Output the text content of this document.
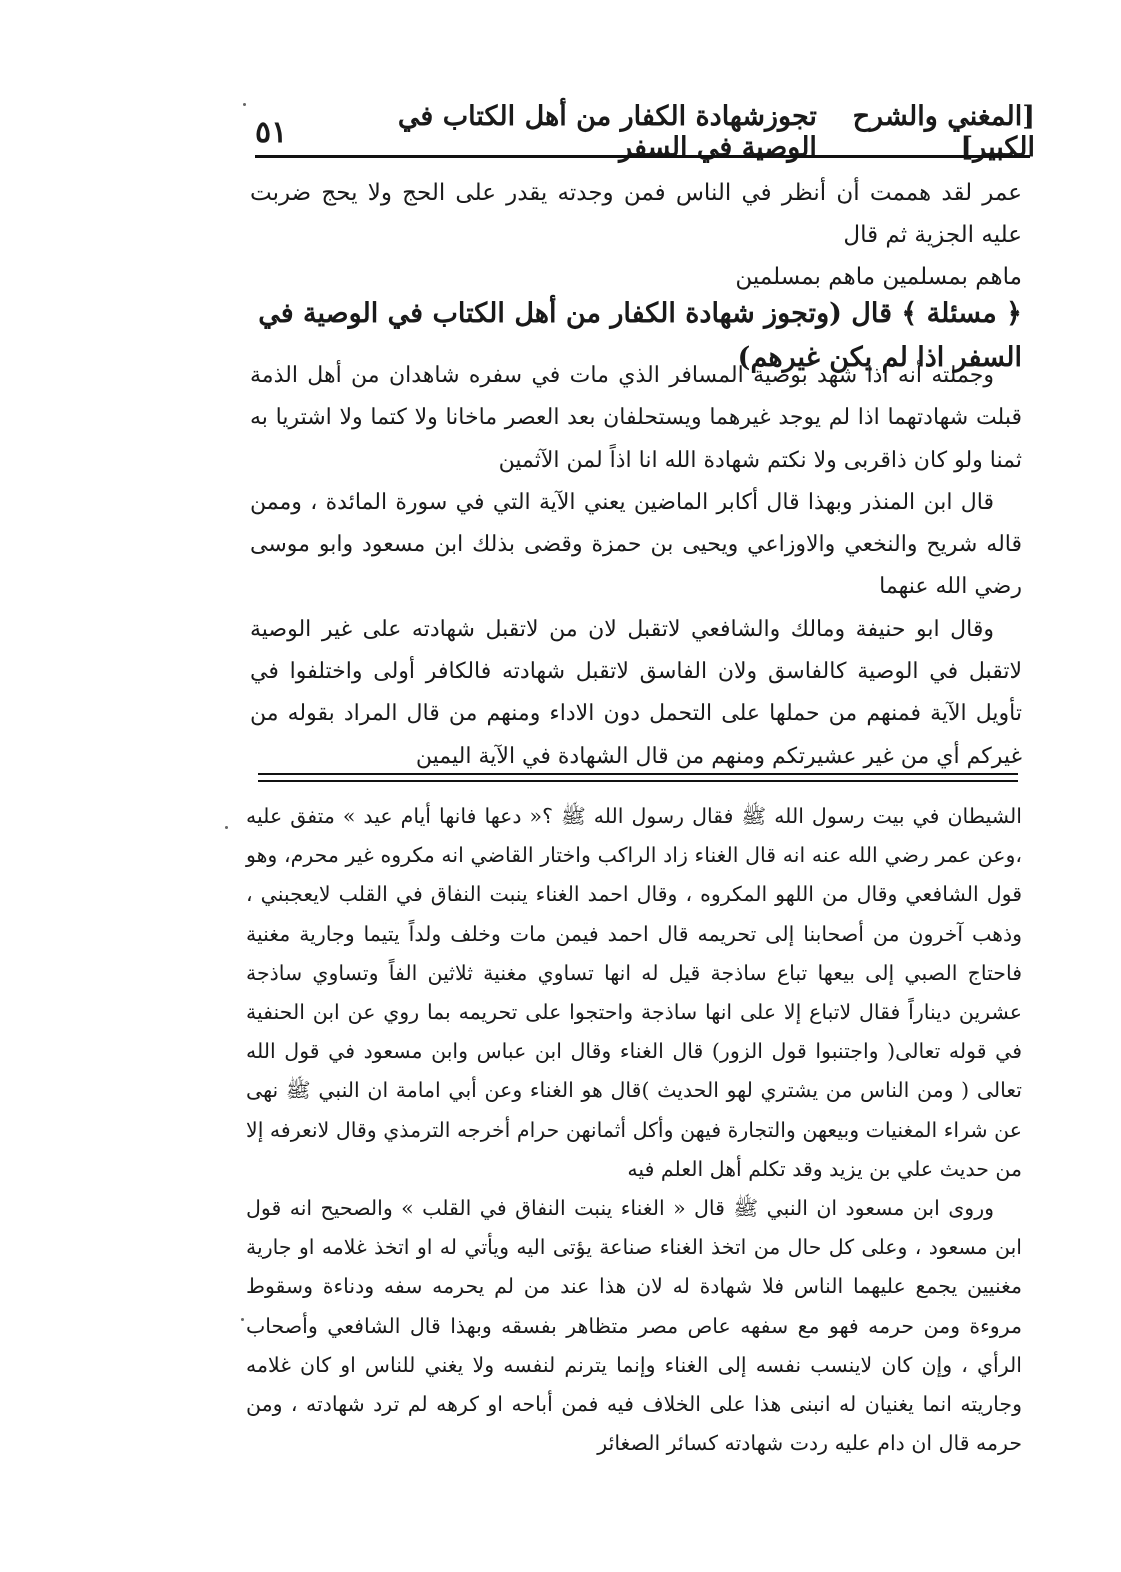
[المغني والشرح الكبير]
تجوزشهادة الكفار من أهل الكتاب في الوصية في السفر
٥١

عمر لقد هممت أن أنظر في الناس فمن وجدته يقدر على الحج ولا يحج ضربت عليه الجزية ثم قال

ماهم بمسلمين ماهم بمسلمين

﴿ مسئلة ﴾ قال (وتجوز شهادة الكفار من أهل الكتاب في الوصية في السفر اذا لم يكن غيرهم)

وجملته أنه اذا شهد بوصية المسافر الذي مات في سفره شاهدان من أهل الذمة قبلت شهادتهما اذا لم يوجد غيرهما ويستحلفان بعد العصر ماخانا ولا كتما ولا اشتريا به ثمنا ولو كان ذاقربى ولا نكتم شهادة الله انا اذاً لمن الآثمين

قال ابن المنذر وبهذا قال أكابر الماضين يعني الآية التي في سورة المائدة ، وممن قاله شريح والنخعي والاوزاعي ويحيى بن حمزة وقضى بذلك ابن مسعود وابو موسى رضي الله عنهما

وقال ابو حنيفة ومالك والشافعي لاتقبل لان من لاتقبل شهادته على غير الوصية لاتقبل في الوصية كالفاسق ولان الفاسق لاتقبل شهادته فالكافر أولى واختلفوا في تأويل الآية فمنهم من حملها على التحمل دون الاداء ومنهم من قال المراد بقوله من غيركم أي من غير عشيرتكم ومنهم من قال الشهادة في الآية اليمين

الشيطان في بيت رسول الله ﷺ فقال رسول الله ﷺ ؟« دعها فانها أيام عيد » متفق عليه ،وعن عمر رضي الله عنه انه قال الغناء زاد الراكب واختار القاضي انه مكروه غير محرم، وهو قول الشافعي وقال من اللهو المكروه ، وقال احمد الغناء ينبت النفاق في القلب لايعجبني ، وذهب آخرون من أصحابنا إلى تحريمه قال احمد فيمن مات وخلف ولداً يتيما وجارية مغنية فاحتاج الصبي إلى بيعها تباع ساذجة قيل له انها تساوي مغنية ثلاثين الفاً وتساوي ساذجة عشرين ديناراً فقال لاتباع إلا على انها ساذجة واحتجوا على تحريمه بما روي عن ابن الحنفية في قوله تعالى( واجتنبوا قول الزور) قال الغناء وقال ابن عباس وابن مسعود في قول الله تعالى ( ومن الناس من يشتري لهو الحديث )قال هو الغناء وعن أبي امامة ان النبي ﷺ نهى عن شراء المغنيات وبيعهن والتجارة فيهن وأكل أثمانهن حرام أخرجه الترمذي وقال لانعرفه إلا من حديث علي بن يزيد وقد تكلم أهل العلم فيه

وروى ابن مسعود ان النبي ﷺ قال « الغناء ينبت النفاق في القلب » والصحيح انه قول ابن مسعود ، وعلى كل حال من اتخذ الغناء صناعة يؤتى اليه ويأتي له او اتخذ غلامه او جارية مغنيين يجمع عليهما الناس فلا شهادة له لان هذا عند من لم يحرمه سفه ودناءة وسقوط مروءة ومن حرمه فهو مع سفهه عاص مصر متظاهر بفسقه وبهذا قال الشافعي وأصحاب الرأي ، وإن كان لاينسب نفسه إلى الغناء وإنما يترنم لنفسه ولا يغني للناس او كان غلامه وجاريته انما يغنيان له انبنى هذا على الخلاف فيه فمن أباحه او كرهه لم ترد شهادته ، ومن حرمه قال ان دام عليه ردت شهادته كسائر الصغائر
